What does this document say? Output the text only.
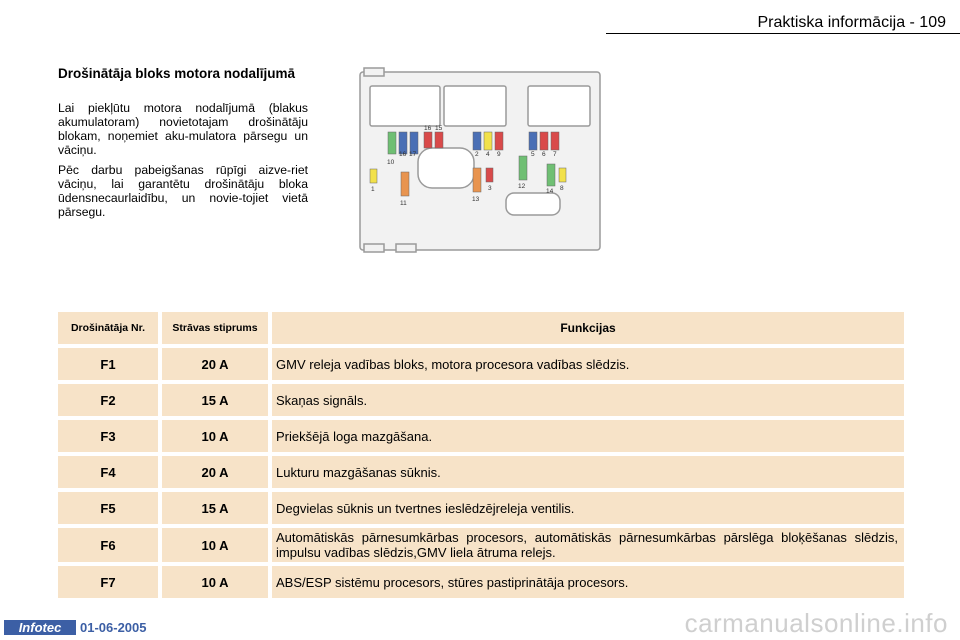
Praktiska informācija - 109
Drošinātāja bloks motora nodalījumā

Lai piekļūtu motora nodalījumā (blakus akumulatoram) novietotajam drošinātāju blokam, noņemiet aku-mulatora pārsegu un vāciņu.

Pēc darbu pabeigšanas rūpīgi aizve-riet vāciņu, lai garantētu drošinātāju bloka ūdensnecaurlaidību, un novie-tojiet vietā pārsegu.

10
16 17
16 15
2 4 9	5 6 7
1
11
13
3	12
14 8
Drošinātāja Nr.	Strāvas stiprums	Funkcijas
F1	20 A	GMV releja vadības bloks, motora procesora vadības slēdzis.
F2	15 A	Skaņas signāls.
F3	10 A	Priekšējā loga mazgāšana.
F4	20 A	Lukturu mazgāšanas sūknis.
F5	15 A	Degvielas sūknis un tvertnes ieslēdzējreleja ventilis.
F6	10 A	Automātiskās pārnesumkārbas procesors, automātiskās pārnesumkārbas pārslēga bloķēšanas slēdzis, impulsu vadības slēdzis,GMV liela ātruma relejs.
F7	10 A	ABS/ESP sistēmu procesors, stūres pastiprinātāja procesors.
Infotec	01-06-2005	carmanualsonline.info
